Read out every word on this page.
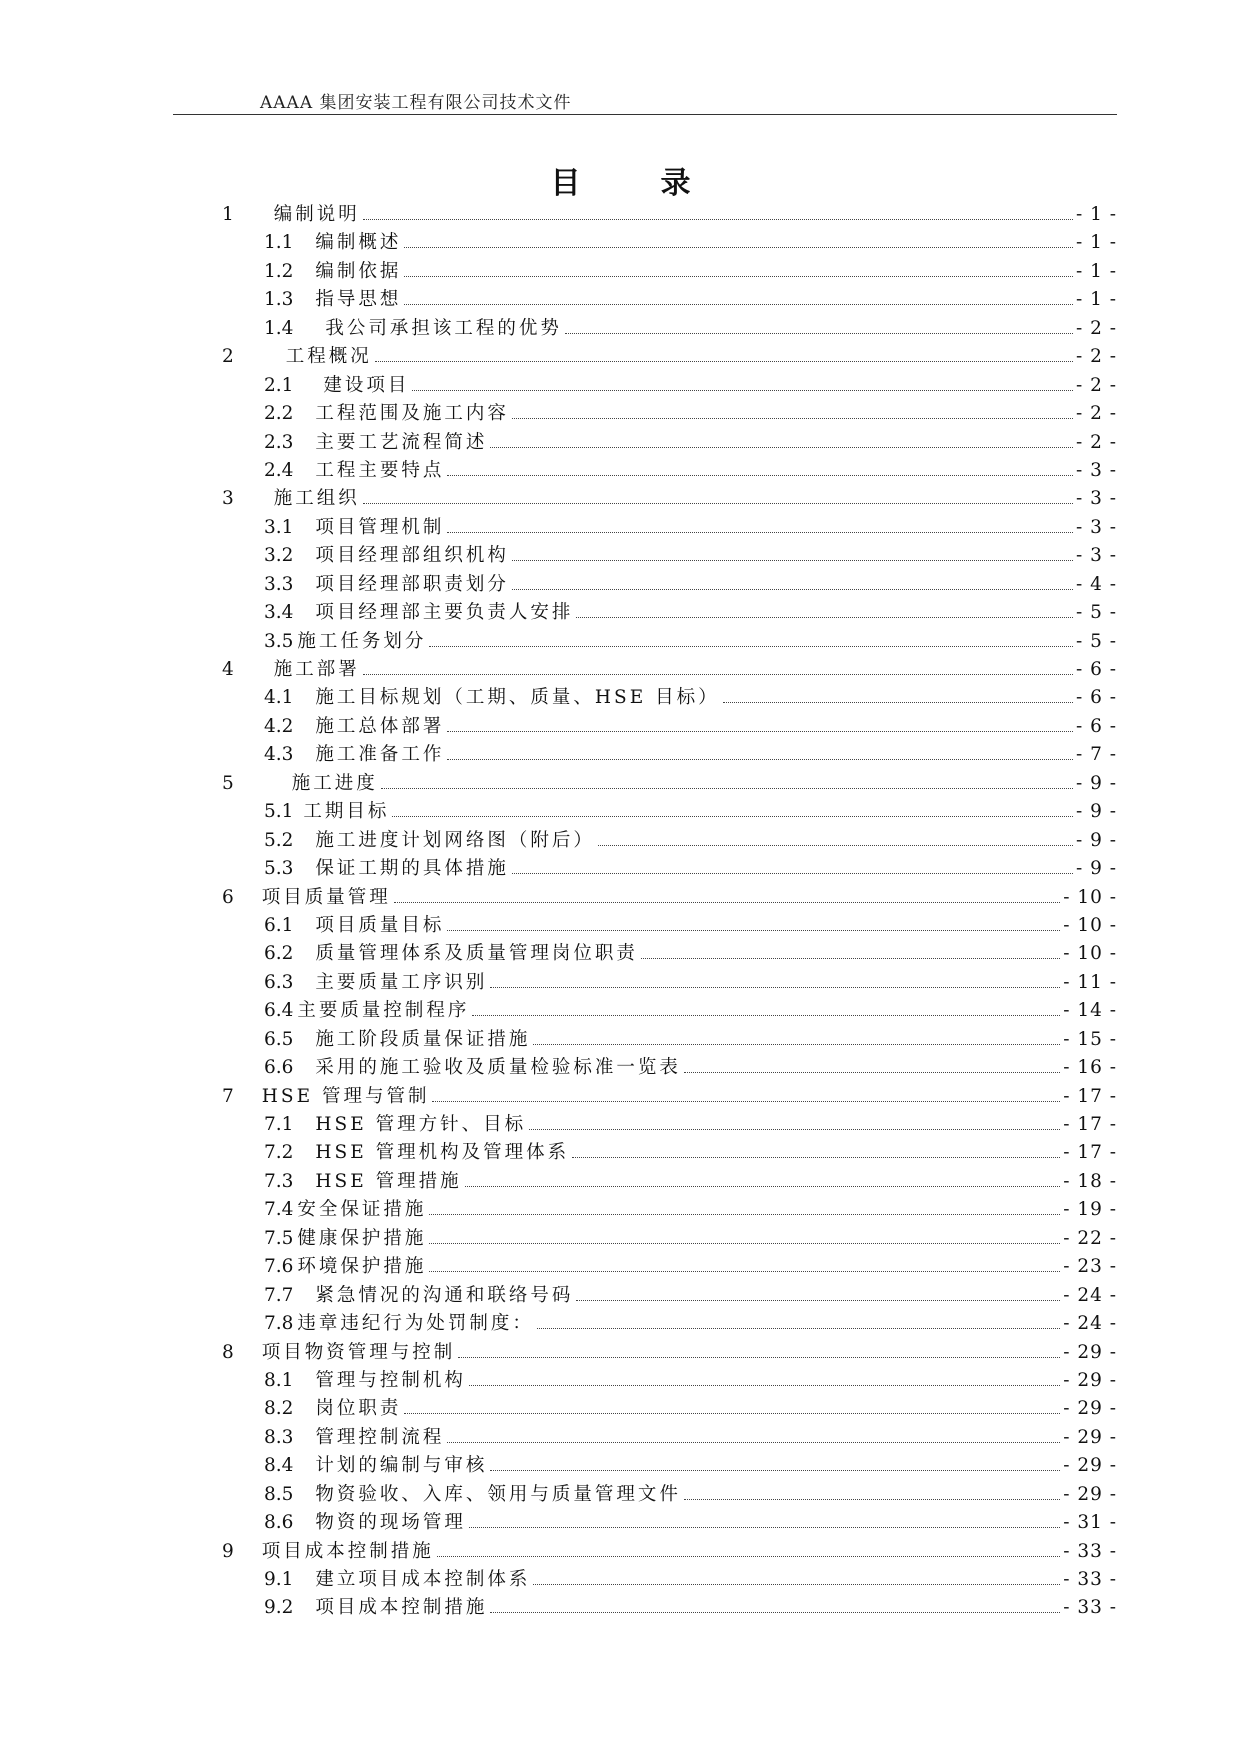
AAAA 集团安装工程有限公司技术文件
目	录
1 编制说明	- 1 -
1.1 编制概述	- 1 -
1.2 编制依据	- 1 -
1.3 指导思想	- 1 -
1.4 我公司承担该工程的优势	- 2 -
2	工程概况	- 2 -
2.1 建设项目	- 2 -
2.2 工程范围及施工内容	- 2 -
2.3 主要工艺流程简述	- 2 -
2.4 工程主要特点	- 3 -
3 施工组织	- 3 -
3.1 项目管理机制	- 3 -
3.2 项目经理部组织机构	- 3 -
3.3 项目经理部职责划分	- 4 -
3.4 项目经理部主要负责人安排	- 5 -
3.5 施工任务划分	- 5 -
4 施工部署	- 6 -
4.1 施工目标规划（工期、质量、HSE 目标）	- 6 -
4.2 施工总体部署	- 6 -
4.3 施工准备工作	- 7 -
5	施工进度	- 9 -
5.1 工期目标	- 9 -
5.2 施工进度计划网络图（附后）	- 9 -
5.3 保证工期的具体措施	- 9 -
6 项目质量管理	- 10 -
6.1 项目质量目标	- 10 -
6.2 质量管理体系及质量管理岗位职责	- 10 -
6.3 主要质量工序识别	- 11 -
6.4 主要质量控制程序	- 14 -
6.5 施工阶段质量保证措施	- 15 -
6.6 采用的施工验收及质量检验标准一览表	- 16 -
7 HSE 管理与管制	- 17 -
7.1 HSE 管理方针、目标	- 17 -
7.2 HSE 管理机构及管理体系	- 17 -
7.3 HSE 管理措施	- 18 -
7.4 安全保证措施	- 19 -
7.5 健康保护措施	- 22 -
7.6 环境保护措施	- 23 -
7.7 紧急情况的沟通和联络号码	- 24 -
7.8 违章违纪行为处罚制度：	- 24 -
8 项目物资管理与控制	- 29 -
8.1 管理与控制机构	- 29 -
8.2 岗位职责	- 29 -
8.3 管理控制流程	- 29 -
8.4 计划的编制与审核	- 29 -
8.5 物资验收、入库、领用与质量管理文件	- 29 -
8.6 物资的现场管理	- 31 -
9 项目成本控制措施	- 33 -
9.1 建立项目成本控制体系	- 33 -
9.2 项目成本控制措施	- 33 -
